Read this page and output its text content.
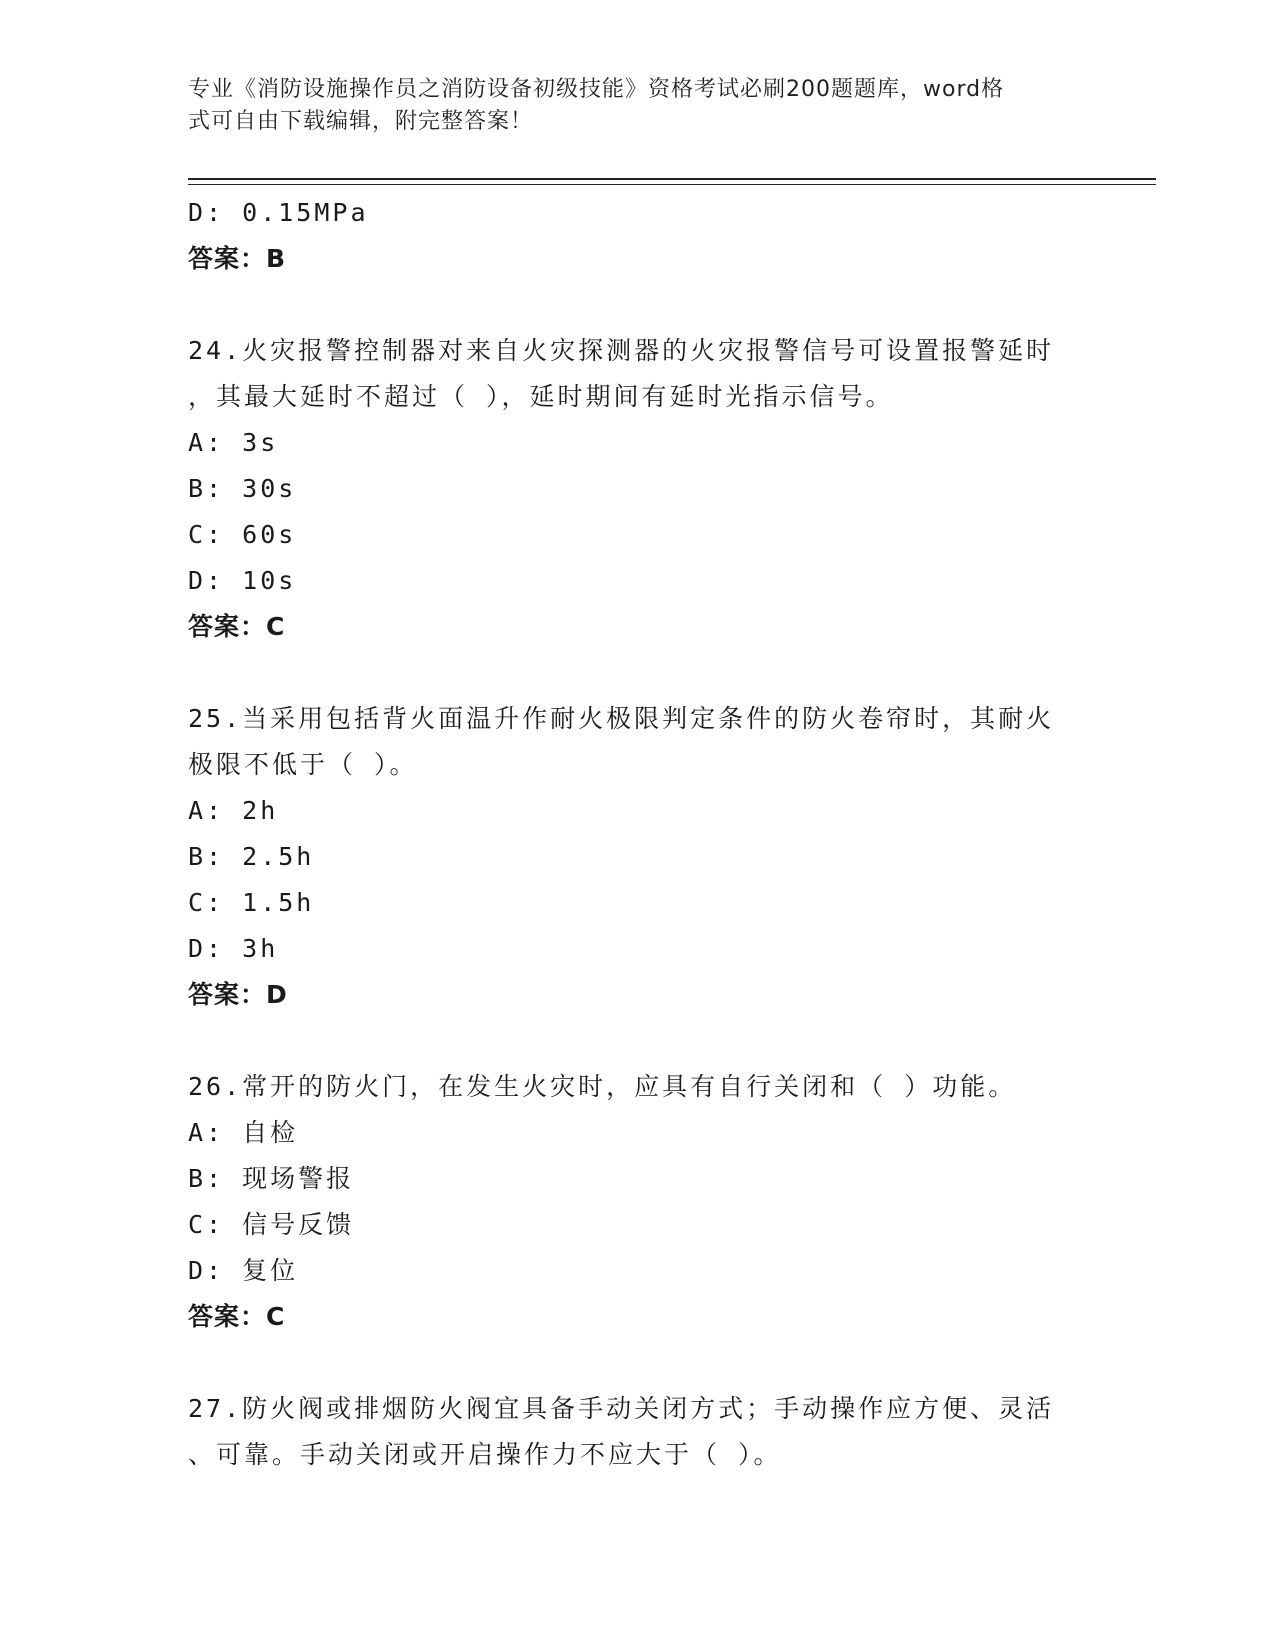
专业《消防设施操作员之消防设备初级技能》资格考试必刷200题题库，word格
式可自由下载编辑，附完整答案！
D: 0.15MPa
答案：B
24.火灾报警控制器对来自火灾探测器的火灾报警信号可设置报警延时
，其最大延时不超过（ ），延时期间有延时光指示信号。
A: 3s
B: 30s
C: 60s
D: 10s
答案：C
25.当采用包括背火面温升作耐火极限判定条件的防火卷帘时，其耐火
极限不低于（ ）。
A: 2h
B: 2.5h
C: 1.5h
D: 3h
答案：D
26.常开的防火门，在发生火灾时，应具有自行关闭和（ ）功能。
A: 自检
B: 现场警报
C: 信号反馈
D: 复位
答案：C
27.防火阀或排烟防火阀宜具备手动关闭方式；手动操作应方便、灵活
、可靠。手动关闭或开启操作力不应大于（ ）。
